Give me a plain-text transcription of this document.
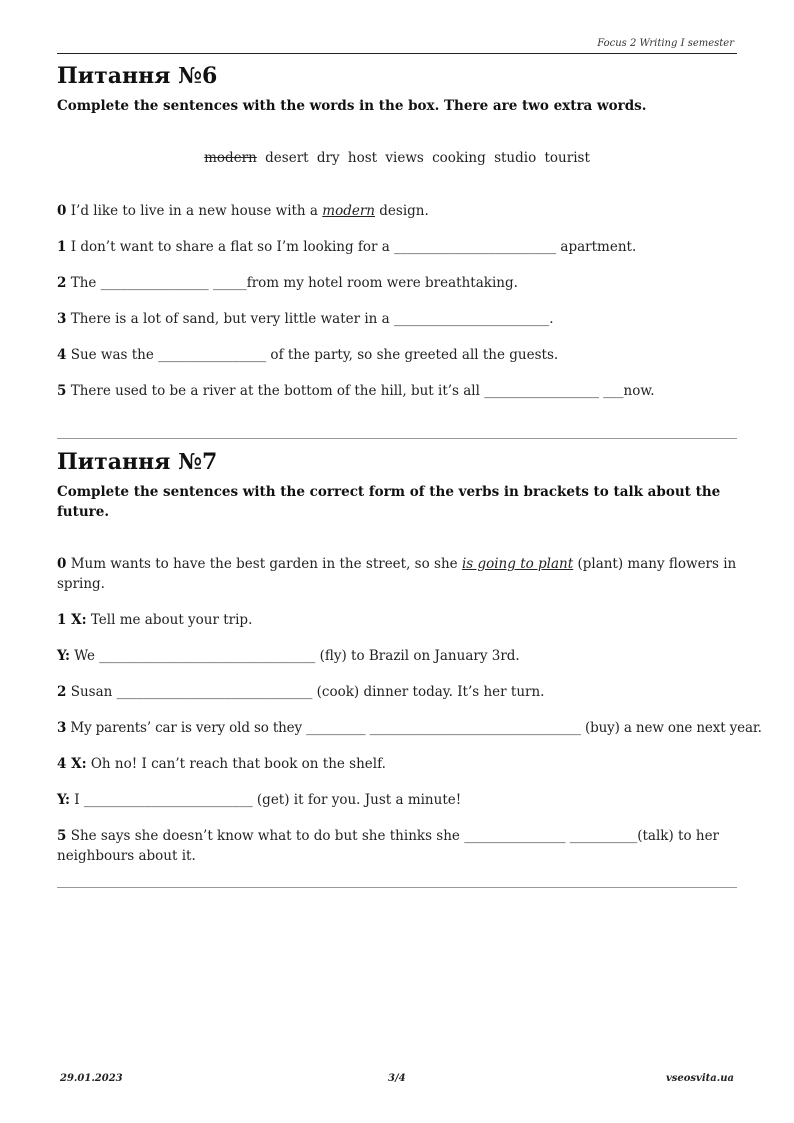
Focus 2 Writing I semester
Питання №6

Complete the sentences with the words in the box. There are two extra words.

modern desert dry host views cooking studio tourist

0 I’d like to live in a new house with a modern design.

1 I don’t want to share a flat so I’m looking for a ________________________ apartment.

2 The ________________ _____from my hotel room were breathtaking.

3 There is a lot of sand, but very little water in a _______________________.

4 Sue was the ________________ of the party, so she greeted all the guests.

5 There used to be a river at the bottom of the hill, but it’s all _________________ ___now.

Питання №7

Complete the sentences with the correct form of the verbs in brackets to talk about the future.

0 Mum wants to have the best garden in the street, so she is going to plant (plant) many flowers in spring.

1 X: Tell me about your trip.

Y: We ________________________________ (fly) to Brazil on January 3rd.

2 Susan _____________________________ (cook) dinner today. It’s her turn.

3 My parents’ car is very old so they _________ ________________________________ (buy) a new one next year.

4 X: Oh no! I can’t reach that book on the shelf.

Y: I _________________________ (get) it for you. Just a minute!

5 She says she doesn’t know what to do but she thinks she _______________ __________(talk) to her neighbours about it.

29.01.2023	3/4	vseosvita.ua
